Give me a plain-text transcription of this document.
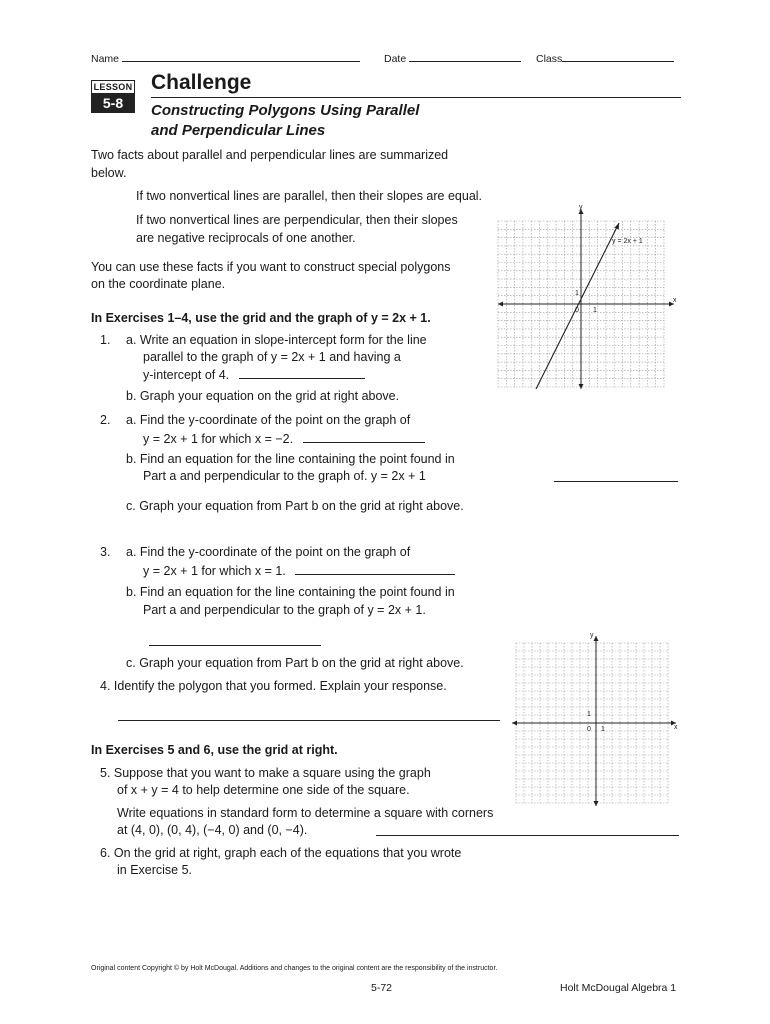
Name	Date	Class
LESSON
5-8
Challenge
Constructing Polygons Using Parallel
and Perpendicular Lines
Two facts about parallel and perpendicular lines are summarized
below.
If two nonvertical lines are parallel, then their slopes are equal.
If two nonvertical lines are perpendicular, then their slopes
are negative reciprocals of one another.
You can use these facts if you want to construct special polygons
on the coordinate plane.
In Exercises 1–4, use the grid and the graph of y = 2x + 1.
1. a. Write an equation in slope-intercept form for the line
parallel to the graph of y = 2x + 1 and having a
y-intercept of 4.
b. Graph your equation on the grid at right above.
2. a. Find the y-coordinate of the point on the graph of
y = 2x + 1 for which x = −2.
b. Find an equation for the line containing the point found in
Part a and perpendicular to the graph of. y = 2x + 1
c. Graph your equation from Part b on the grid at right above.
3. a. Find the y-coordinate of the point on the graph of
y = 2x + 1 for which x = 1.
b. Find an equation for the line containing the point found in
Part a and perpendicular to the graph of y = 2x + 1.
c. Graph your equation from Part b on the grid at right above.
4. Identify the polygon that you formed. Explain your response.
In Exercises 5 and 6, use the grid at right.
5. Suppose that you want to make a square using the graph
of x + y = 4 to help determine one side of the square.
Write equations in standard form to determine a square with corners
at (4, 0), (0, 4), (−4, 0) and (0, −4).
6. On the grid at right, graph each of the equations that you wrote
in Exercise 5.
y
x
y = 2x + 1
0 1
1
y
x
0 1
1
Original content Copyright © by Holt McDougal. Additions and changes to the original content are the responsibility of the instructor.
5-72	Holt McDougal Algebra 1
